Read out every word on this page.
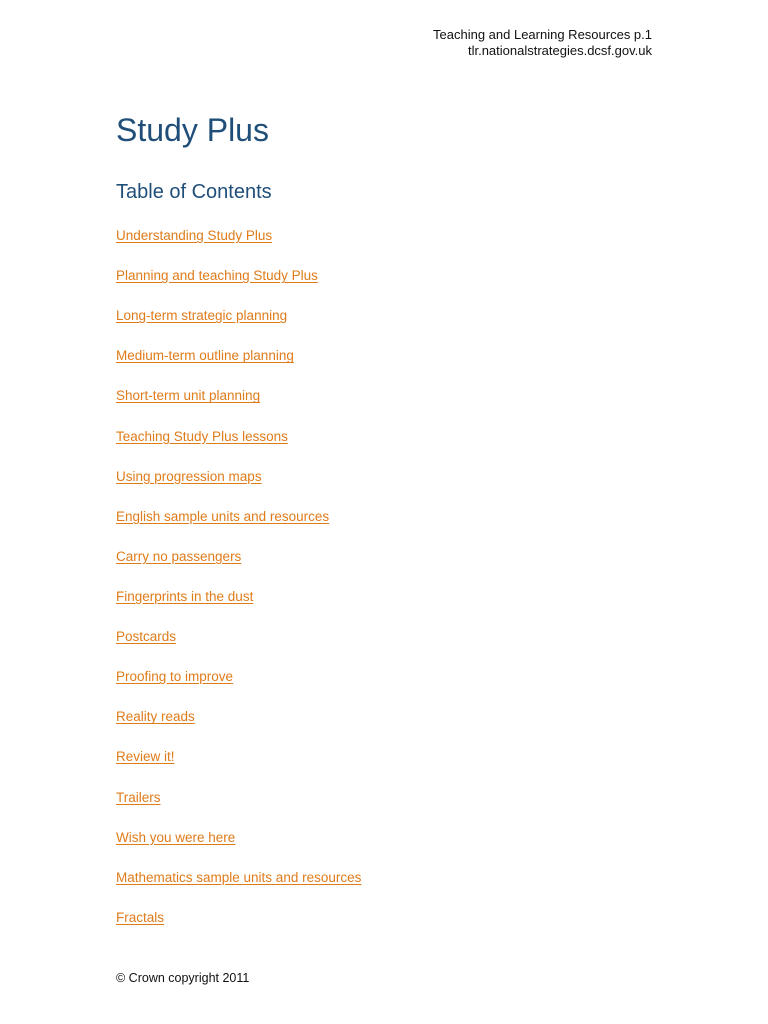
Teaching and Learning Resources p.1
tlr.nationalstrategies.dcsf.gov.uk
Study Plus
Table of Contents
Understanding Study Plus
Planning and teaching Study Plus
Long-term strategic planning
Medium-term outline planning
Short-term unit planning
Teaching Study Plus lessons
Using progression maps
English sample units and resources
Carry no passengers
Fingerprints in the dust
Postcards
Proofing to improve
Reality reads
Review it!
Trailers
Wish you were here
Mathematics sample units and resources
Fractals
© Crown copyright 2011
